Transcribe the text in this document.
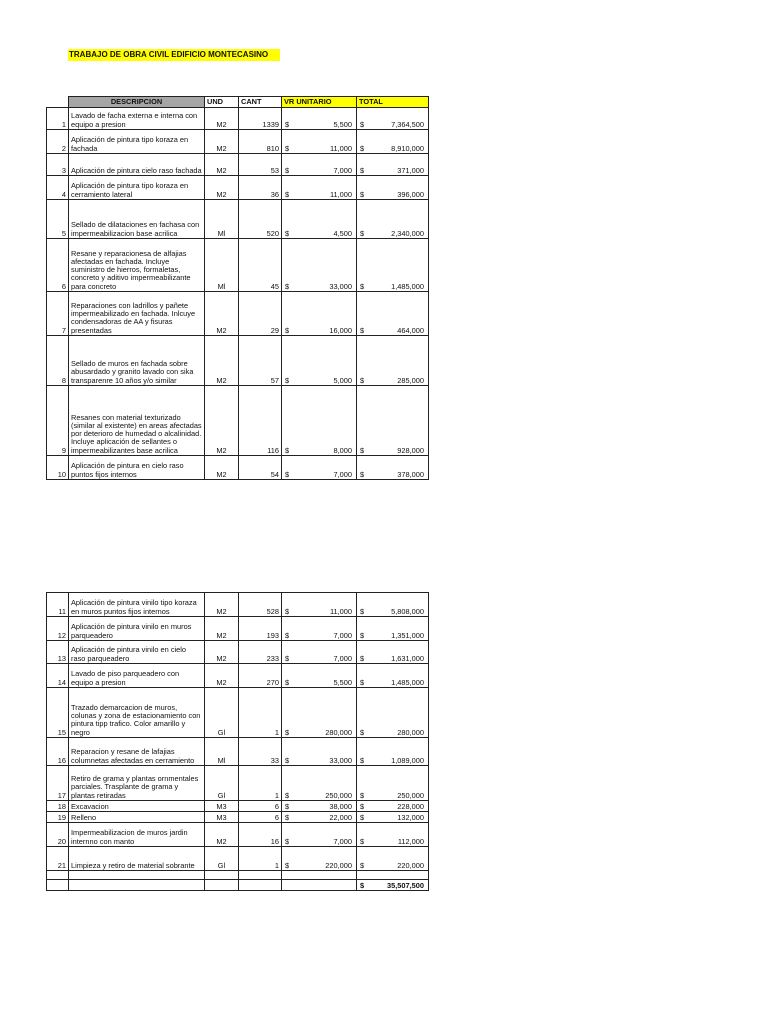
TRABAJO DE OBRA CIVIL EDIFICIO MONTECASINO
	DESCRIPCION	UND	CANT	VR UNITARIO	TOTAL
1	Lavado de facha externa e interna con equipo a presion	M2	1339	$ 5,500	$ 7,364,500

2	Aplicación de pintura tipo koraza en fachada	M2	810	$ 11,000	$ 8,910,000

3	Aplicación de pintura cielo raso fachada	M2	53	$ 7,000	$ 371,000

4	Aplicación de pintura tipo koraza en cerramiento lateral	M2	36	$ 11,000	$ 396,000

5	Sellado de dilataciones en fachasa con impermeabilizacion base acrilica	Ml	520	$ 4,500	$ 2,340,000

6	Resane y reparacionesa de alfajias afectadas en fachada. Incluye suministro de hierros, formaletas, concreto y aditivo impermeabilizante para concreto	Ml	45	$ 33,000	$ 1,485,000

7	Reparaciones con ladrillos y pañete impermeabilizado en fachada. Inlcuye condensadoras de AA y fisuras presentadas	M2	29	$ 16,000	$ 464,000

8	Sellado de muros en fachada sobre abusardado y granito lavado con sika transparenre 10 años y/o similar	M2	57	$ 5,000	$ 285,000

9	Resanes con material texturizado (similar al existente) en areas afectadas por deterioro de humedad o alcalinidad. Incluye aplicación de sellantes o impermeabilizantes base acrilica	M2	116	$ 8,000	$ 928,000

10	Aplicación de pintura en cielo raso puntos fijos internos	M2	54	$ 7,000	$ 378,000
11	Aplicación de pintura vinilo tipo koraza en muros puntos fijos internos	M2	528	$ 11,000	$ 5,808,000

12	Aplicación de pintura vinilo en muros parqueadero	M2	193	$ 7,000	$ 1,351,000

13	Aplicación de pintura vinilo en cielo raso parqueadero	M2	233	$ 7,000	$ 1,631,000

14	Lavado de piso parqueadero con equipo a presion	M2	270	$ 5,500	$ 1,485,000

15	Trazado demarcacion de muros, colunas y zona de estacionamiento con pintura tipp trafico. Color amarillo y negro	Gl	1	$ 280,000	$ 280,000

16	Reparacion y resane de lafajias columnetas afectadas en cerramiento	Ml	33	$ 33,000	$ 1,089,000

17	Retiro de grama y plantas ornmentales parciales. Trasplante de grama y plantas retiradas	Gl	1	$ 250,000	$ 250,000

18	Excavacion	M3	6	$ 38,000	$ 228,000

19	Relleno	M3	6	$ 22,000	$ 132,000

20	Impermeabilizacion de muros jardin internno con manto	M2	16	$ 7,000	$ 112,000

21	Limpieza y retiro de material sobrante	Gl	1	$ 220,000	$ 220,000

					$ 35,507,500
